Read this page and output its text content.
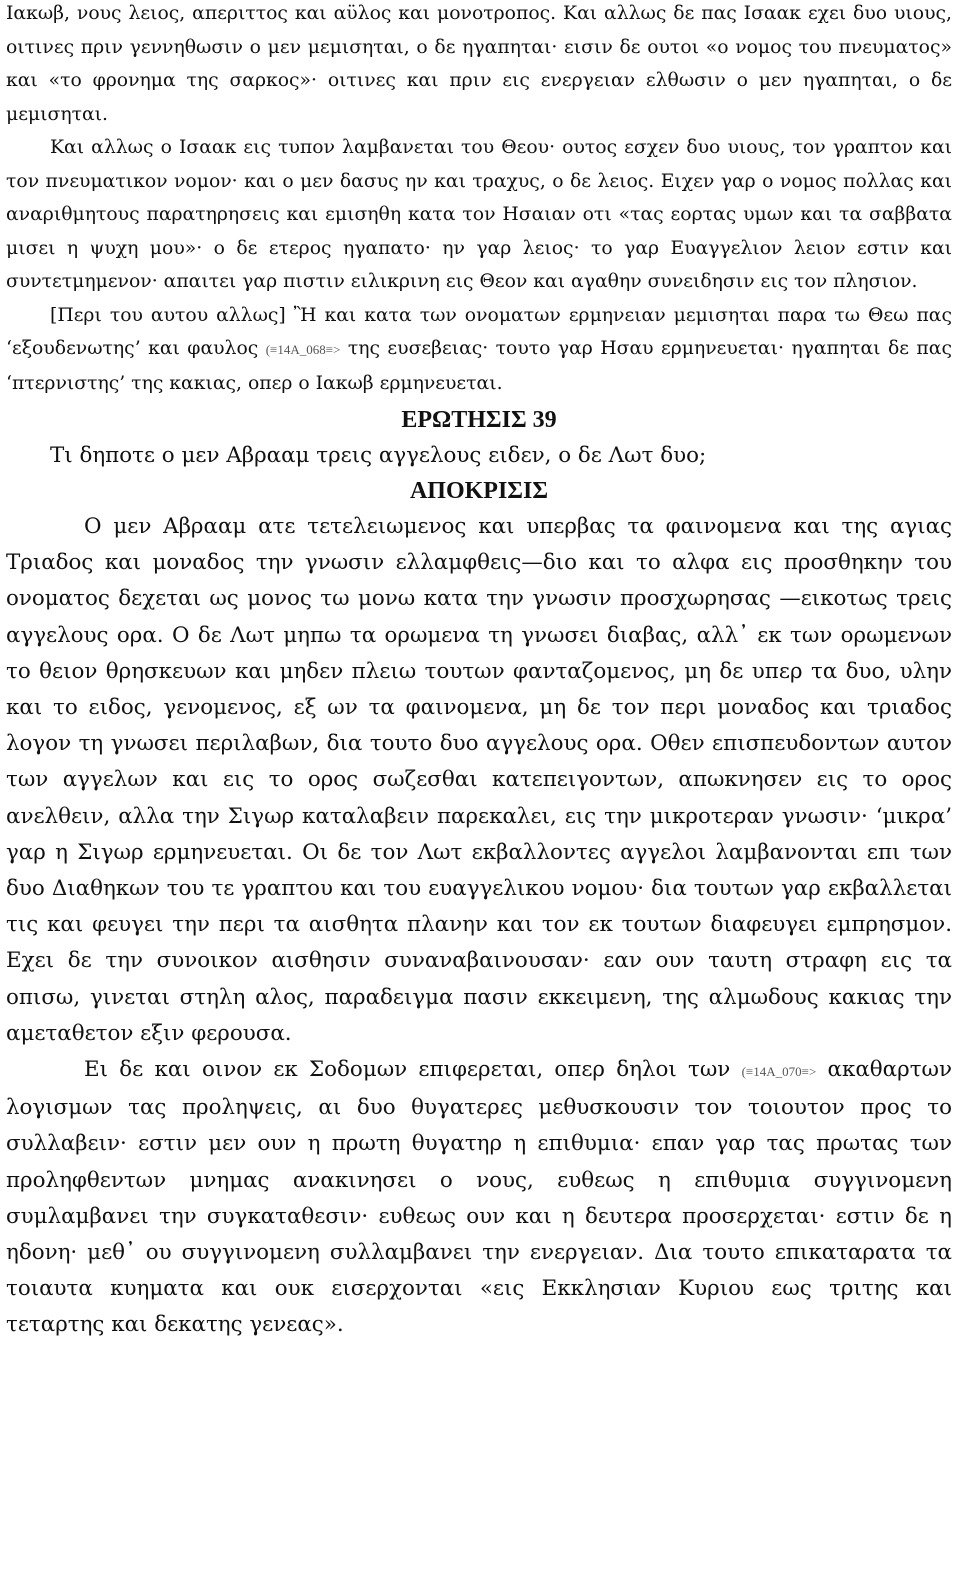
Ιακωβ, νους λειος, απεριττος και αϋλος και μονοτροπος. Και αλλως δε πας Ισαακ εχει δυο υιους, οιτινες πριν γεννηθωσιν ο μεν μεμισηται, ο δε ηγαπηται· εισιν δε ουτοι «ο νομος του πνευματος» και «το φρονημα της σαρκος»· οιτινες και πριν εις ενεργειαν ελθωσιν ο μεν ηγαπηται, ο δε μεμισηται.

Και αλλως ο Ισαακ εις τυπον λαμβανεται του Θεου· ουτος εσχεν δυο υιους, τον γραπτον και τον πνευματικον νομον· και ο μεν δασυς ην και τραχυς, ο δε λειος. Ειχεν γαρ ο νομος πολλας και αναριθμητους παρατηρησεις και εμισηθη κατα τον Ησαιαν οτι «τας εορτας υμων και τα σαββατα μισει η ψυχη μου»· ο δε ετερος ηγαπατο· ην γαρ λειος· το γαρ Ευαγγελιον λειον εστιν και συντετμημενον· απαιτει γαρ πιστιν ειλικρινη εις Θεον και αγαθην συνειδησιν εις τον πλησιον.

[Περι του αυτου αλλως] Ἢ και κατα των ονοματων ερμηνειαν μεμισηται παρα τω Θεω πας ‘εξουδενωτης’ και φαυλος (≡14A_068≡> της ευσεβειας· τουτο γαρ Ησαυ ερμηνευεται· ηγαπηται δε πας ‘πτερνιστης’ της κακιας, οπερ ο Ιακωβ ερμηνευεται.

ΕΡΩΤΗΣΙΣ 39

Τι δηποτε ο μεν Αβρααμ τρεις αγγελους ειδεν, ο δε Λωτ δυο;

ΑΠΟΚΡΙΣΙΣ

Ο μεν Αβρααμ ατε τετελειωμενος και υπερβας τα φαινομενα και της αγιας Τριαδος και μοναδος την γνωσιν ελλαμφθεις—διο και το αλφα εις προσθηκην του ονοματος δεχεται ως μονος τω μονω κατα την γνωσιν προσχωρησας —εικοτως τρεις αγγελους ορα. Ο δε Λωτ μηπω τα ορωμενα τη γνωσει διαβας, αλλ᾽ εκ των ορωμενων το θειον θρησκευων και μηδεν πλειω τουτων φανταζομενος, μη δε υπερ τα δυο, υλην και το ειδος, γενομενος, εξ ων τα φαινομενα, μη δε τον περι μοναδος και τριαδος λογον τη γνωσει περιλαβων, δια τουτο δυο αγγελους ορα. Οθεν επισπευδοντων αυτον των αγγελων και εις το ορος σωζεσθαι κατεπειγοντων, απωκνησεν εις το ορος ανελθειν, αλλα την Σιγωρ καταλαβειν παρεκαλει, εις την μικροτεραν γνωσιν· ‘μικρα’ γαρ η Σιγωρ ερμηνευεται. Οι δε τον Λωτ εκβαλλοντες αγγελοι λαμβανονται επι των δυο Διαθηκων του τε γραπτου και του ευαγγελικου νομου· δια τουτων γαρ εκβαλλεται τις και φευγει την περι τα αισθητα πλανην και τον εκ τουτων διαφευγει εμπρησμον. Εχει δε την συνοικον αισθησιν συναναβαινουσαν· εαν ουν ταυτη στραφη εις τα οπισω, γινεται στηλη αλος, παραδειγμα πασιν εκκειμενη, της αλμωδους κακιας την αμεταθετον εξιν φερουσα.

Ει δε και οινον εκ Σοδομων επιφερεται, οπερ δηλοι των (≡14A_070≡> ακαθαρτων λογισμων τας προληψεις, αι δυο θυγατερες μεθυσκουσιν τον τοιουτον προς το συλλαβειν· εστιν μεν ουν η πρωτη θυγατηρ η επιθυμια· επαν γαρ τας πρωτας των προληφθεντων μνημας ανακινησει ο νους, ευθεως η επιθυμια συγγινομενη συμλαμβανει την συγκαταθεσιν· ευθεως ουν και η δευτερα προσερχεται· εστιν δε η ηδονη· μεθ᾽ ου συγγινομενη συλλαμβανει την ενεργειαν. Δια τουτο επικαταρατα τα τοιαυτα κυηματα και ουκ εισερχονται «εις Εκκλησιαν Κυριου εως τριτης και τεταρτης και δεκατης γενεας».
